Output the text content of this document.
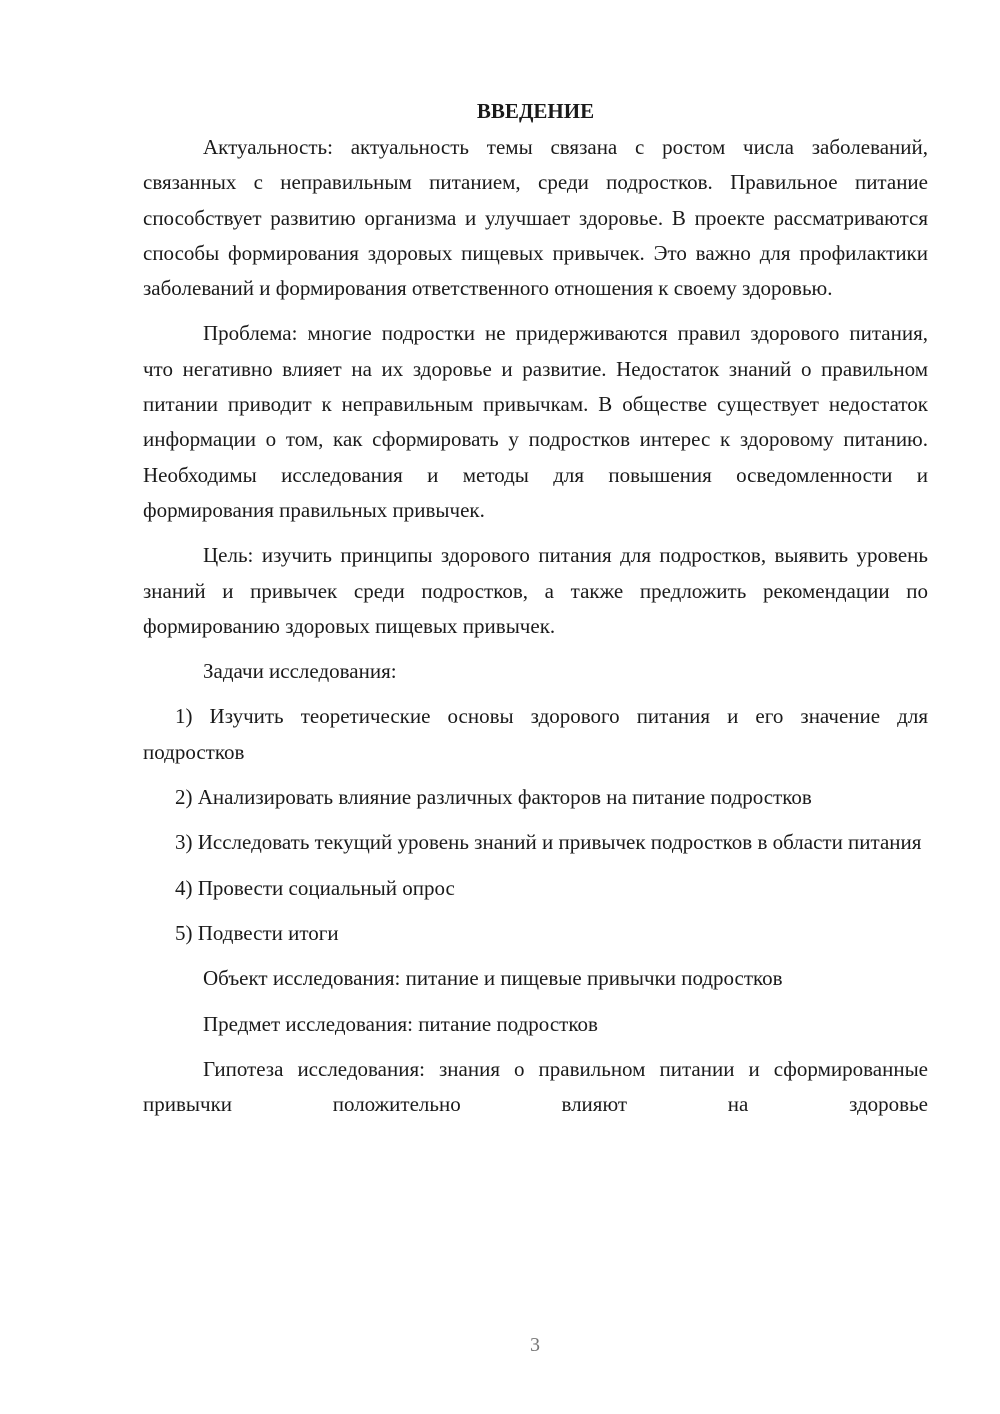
ВВЕДЕНИЕ

Актуальность: актуальность темы связана с ростом числа заболеваний, связанных с неправильным питанием, среди подростков. Правильное питание способствует развитию организма и улучшает здоровье. В проекте рассматриваются способы формирования здоровых пищевых привычек. Это важно для профилактики заболеваний и формирования ответственного отношения к своему здоровью.

Проблема: многие подростки не придерживаются правил здорового питания, что негативно влияет на их здоровье и развитие. Недостаток знаний о правильном питании приводит к неправильным привычкам. В обществе существует недостаток информации о том, как сформировать у подростков интерес к здоровому питанию. Необходимы исследования и методы для повышения осведомленности и формирования правильных привычек.

Цель: изучить принципы здорового питания для подростков, выявить уровень знаний и привычек среди подростков, а также предложить рекомендации по формированию здоровых пищевых привычек.

Задачи исследования:

1) Изучить теоретические основы здорового питания и его значение для подростков

2) Анализировать влияние различных факторов на питание подростков

3) Исследовать текущий уровень знаний и привычек подростков в области питания

4) Провести социальный опрос

5) Подвести итоги

Объект исследования: питание и пищевые привычки подростков

Предмет исследования: питание подростков

Гипотеза исследования: знания о правильном питании и сформированные привычки положительно влияют на здоровье

3
